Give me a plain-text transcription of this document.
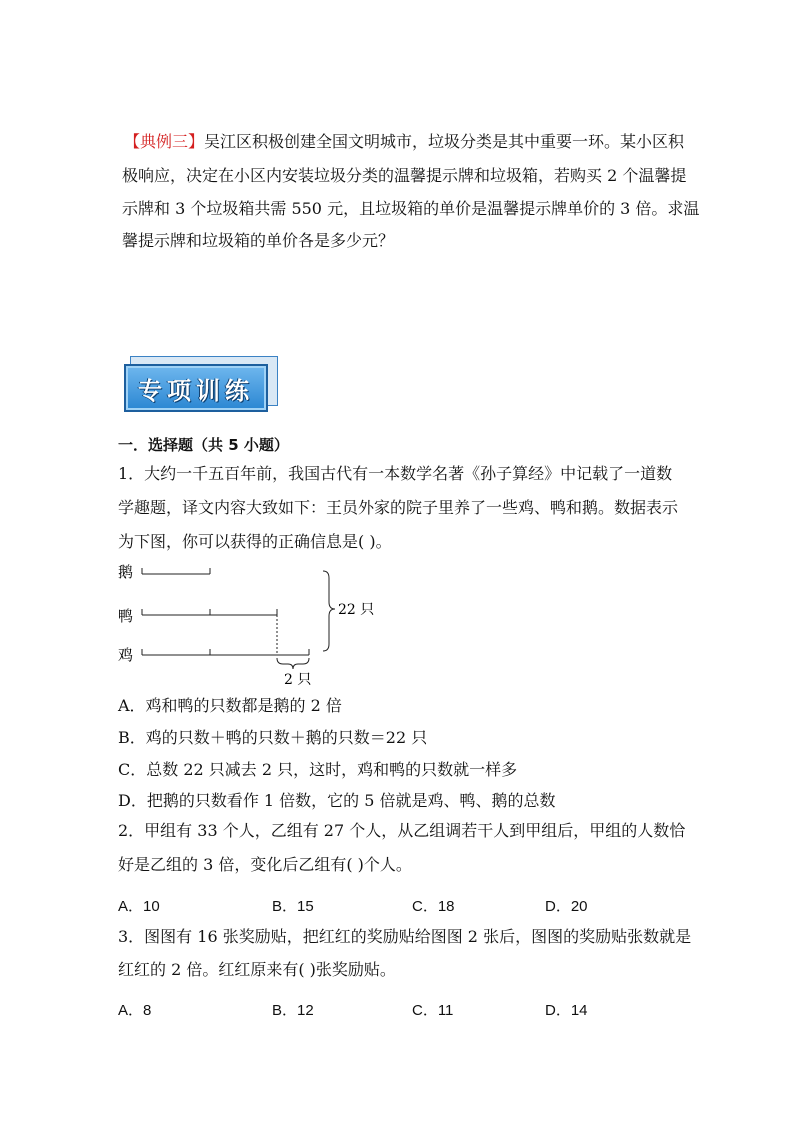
【典例三】吴江区积极创建全国文明城市，垃圾分类是其中重要一环。某小区积
极响应，决定在小区内安装垃圾分类的温馨提示牌和垃圾箱，若购买 2 个温馨提
示牌和 3 个垃圾箱共需 550 元，且垃圾箱的单价是温馨提示牌单价的 3 倍。求温
馨提示牌和垃圾箱的单价各是多少元？
专项训练
一．选择题（共 5 小题）
1．大约一千五百年前，我国古代有一本数学名著《孙子算经》中记载了一道数
学趣题，译文内容大致如下：王员外家的院子里养了一些鸡、鸭和鹅。数据表示
为下图，你可以获得的正确信息是( )。
鹅
鸭
鸡
2 只
22 只
A．鸡和鸭的只数都是鹅的 2 倍
B．鸡的只数＋鸭的只数＋鹅的只数＝22 只
C．总数 22 只减去 2 只，这时，鸡和鸭的只数就一样多
D．把鹅的只数看作 1 倍数，它的 5 倍就是鸡、鸭、鹅的总数
2．甲组有 33 个人，乙组有 27 个人，从乙组调若干人到甲组后，甲组的人数恰
好是乙组的 3 倍，变化后乙组有( )个人。
A．10	B．15	C．18	D．20
3．图图有 16 张奖励贴，把红红的奖励贴给图图 2 张后，图图的奖励贴张数就是
红红的 2 倍。红红原来有( )张奖励贴。
A．8	B．12	C．11	D．14
